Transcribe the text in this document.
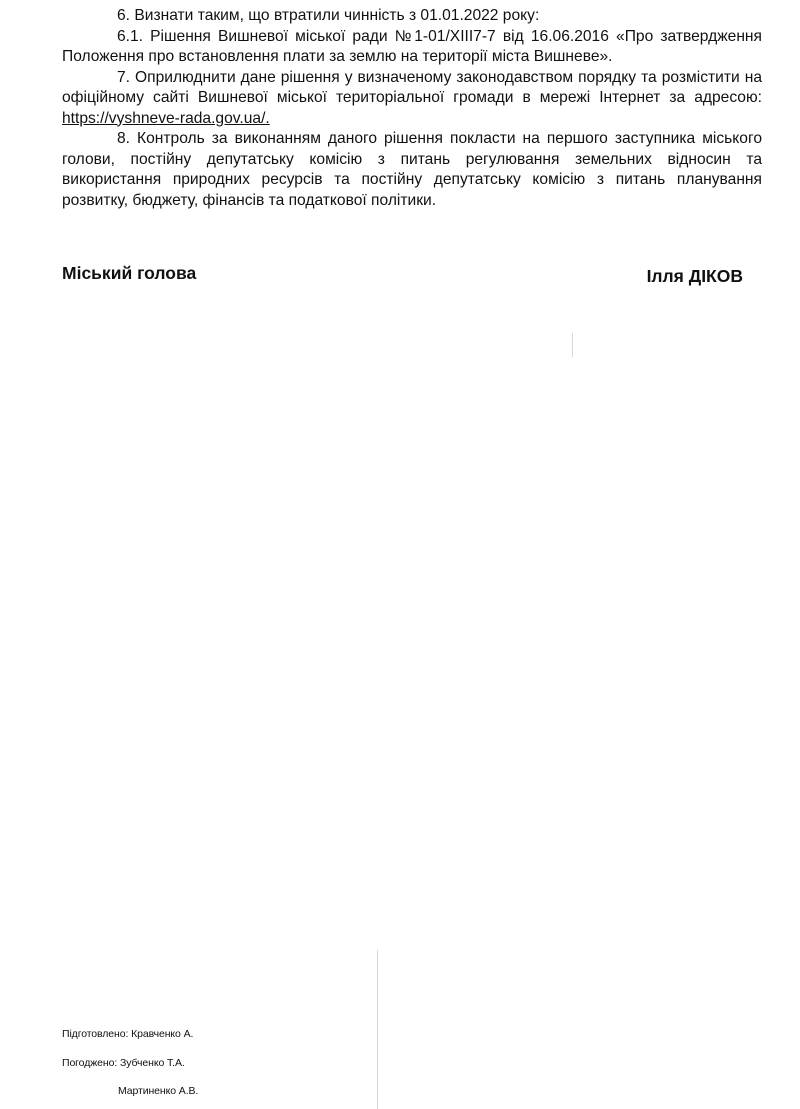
6. Визнати таким, що втратили чинність з 01.01.2022 року:

6.1. Рішення Вишневої міської ради №1-01/XIII7-7 від 16.06.2016 «Про затвердження Положення про встановлення плати за землю на території міста Вишневе».

7. Оприлюднити дане рішення у визначеному законодавством порядку та розмістити на офіційному сайті Вишневої міської територіальної громади в мережі Інтернет за адресою: https://vyshneve-rada.gov.ua/.

8. Контроль за виконанням даного рішення покласти на першого заступника міського голови, постійну депутатську комісію з питань регулювання земельних відносин та використання природних ресурсів та постійну депутатську комісію з питань планування розвитку, бюджету, фінансів та податкової політики.

Міський голова	Ілля ДІКОВ
Підготовлено: Кравченко А.
Погоджено: Зубченко Т.А.
Мартиненко А.В.
